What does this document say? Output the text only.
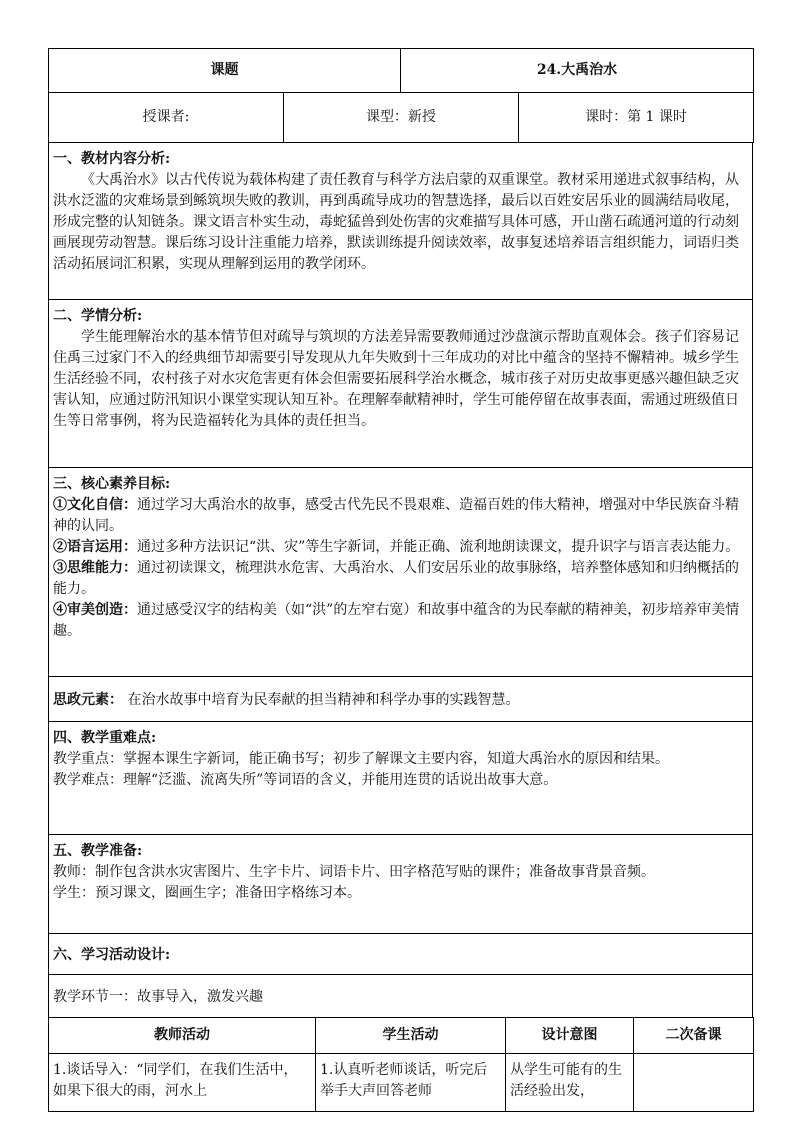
课题		24.大禹治水	
授课者:	课型：新授		课时：第 1 课时

一、教材内容分析:

《大禹治水》以古代传说为载体构建了责任教育与科学方法启蒙的双重课堂。教材采用递进式叙事结构，从洪水泛滥的灾难场景到鲧筑坝失败的教训，再到禹疏导成功的智慧选择，最后以百姓安居乐业的圆满结局收尾，形成完整的认知链条。课文语言朴实生动，毒蛇猛兽到处伤害的灾难描写具体可感，开山凿石疏通河道的行动刻画展现劳动智慧。课后练习设计注重能力培养，默读训练提升阅读效率，故事复述培养语言组织能力，词语归类活动拓展词汇积累，实现从理解到运用的教学闭环。

二、学情分析:

学生能理解治水的基本情节但对疏导与筑坝的方法差异需要教师通过沙盘演示帮助直观体会。孩子们容易记住禹三过家门不入的经典细节却需要引导发现从九年失败到十三年成功的对比中蕴含的坚持不懈精神。城乡学生生活经验不同，农村孩子对水灾危害更有体会但需要拓展科学治水概念，城市孩子对历史故事更感兴趣但缺乏灾害认知，应通过防汛知识小课堂实现认知互补。在理解奉献精神时，学生可能停留在故事表面，需通过班级值日生等日常事例，将为民造福转化为具体的责任担当。

三、核心素养目标:

①文化自信：通过学习大禹治水的故事，感受古代先民不畏艰难、造福百姓的伟大精神，增强对中华民族奋斗精神的认同。

②语言运用：通过多种方法识记“洪、灾”等生字新词，并能正确、流利地朗读课文，提升识字与语言表达能力。

③思维能力：通过初读课文，梳理洪水危害、大禹治水、人们安居乐业的故事脉络，培养整体感知和归纳概括的能力。

④审美创造：通过感受汉字的结构美（如“洪”的左窄右宽）和故事中蕴含的为民奉献的精神美，初步培养审美情趣。

思政元素： 在治水故事中培育为民奉献的担当精神和科学办事的实践智慧。

四、教学重难点:

教学重点：掌握本课生字新词，能正确书写；初步了解课文主要内容，知道大禹治水的原因和结果。

教学难点：理解“泛滥、流离失所”等词语的含义，并能用连贯的话说出故事大意。

五、教学准备:

教师：制作包含洪水灾害图片、生字卡片、词语卡片、田字格范写贴的课件；准备故事背景音频。

学生：预习课文，圈画生字；准备田字格练习本。

六、学习活动设计:

教学环节一：故事导入，激发兴趣

教师活动	学生活动	设计意图	二次备课
1.谈话导入：“同学们，在我们生活中，如果下很大的雨，河水上	1.认真听老师谈话，听完后举手大声回答老师	从学生可能有的生活经验出发，	
